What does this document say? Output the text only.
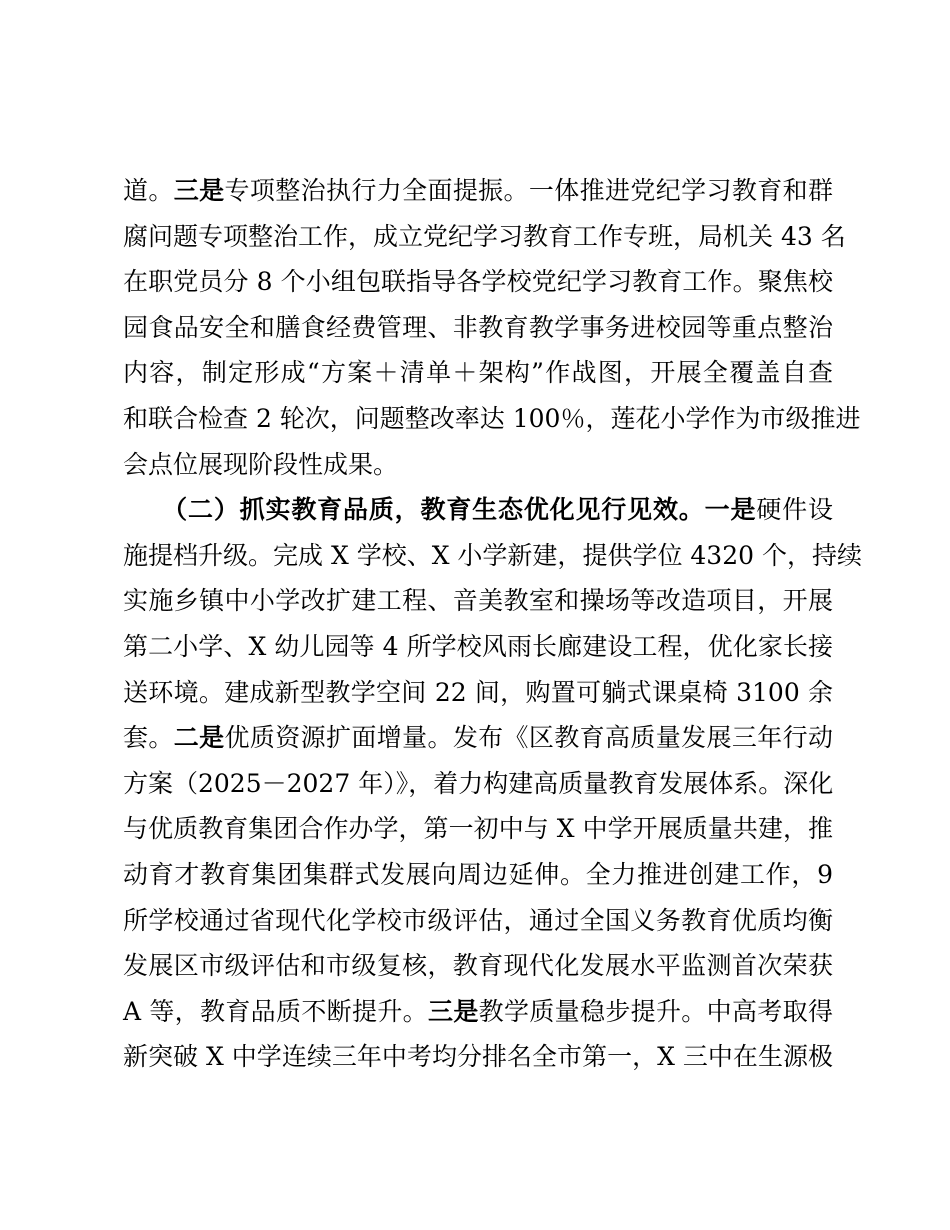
道。三是专项整治执行力全面提振。一体推进党纪学习教育和群
腐问题专项整治工作，成立党纪学习教育工作专班，局机关 43 名
在职党员分 8 个小组包联指导各学校党纪学习教育工作。聚焦校
园食品安全和膳食经费管理、非教育教学事务进校园等重点整治
内容，制定形成“方案＋清单＋架构”作战图，开展全覆盖自查
和联合检查 2 轮次，问题整改率达 100％，莲花小学作为市级推进
会点位展现阶段性成果。
　　（二）抓实教育品质，教育生态优化见行见效。一是硬件设
施提档升级。完成 X 学校、X 小学新建，提供学位 4320 个，持续
实施乡镇中小学改扩建工程、音美教室和操场等改造项目，开展
第二小学、X 幼儿园等 4 所学校风雨长廊建设工程，优化家长接
送环境。建成新型教学空间 22 间，购置可躺式课桌椅 3100 余
套。二是优质资源扩面增量。发布《区教育高质量发展三年行动
方案（2025－2027 年）》，着力构建高质量教育发展体系。深化
与优质教育集团合作办学，第一初中与 X 中学开展质量共建，推
动育才教育集团集群式发展向周边延伸。全力推进创建工作，9
所学校通过省现代化学校市级评估，通过全国义务教育优质均衡
发展区市级评估和市级复核，教育现代化发展水平监测首次荣获
A 等，教育品质不断提升。三是教学质量稳步提升。中高考取得
新突破 X 中学连续三年中考均分排名全市第一，X 三中在生源极
